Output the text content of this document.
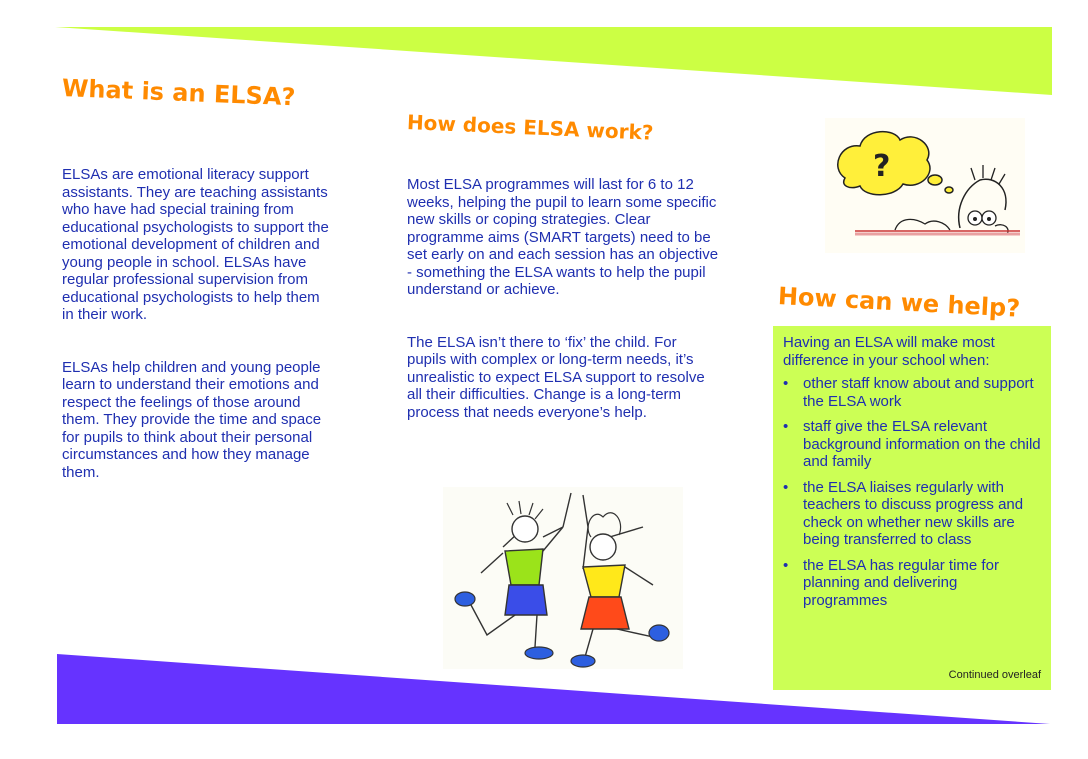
What is an ELSA?

ELSAs are emotional literacy support assistants. They are teaching assistants who have had special training from educational psychologists to support the emotional development of children and young people in school. ELSAs have regular professional supervision from educational psychologists to help them in their work.

ELSAs help children and young people learn to understand their emotions and respect the feelings of those around them. They provide the time and space for pupils to think about their personal circumstances and how they manage them.

How does ELSA work?

Most ELSA programmes will last for 6 to 12 weeks, helping the pupil to learn some specific new skills or coping strategies. Clear programme aims (SMART targets) need to be set early on and each session has an objective - something the ELSA wants to help the pupil understand or achieve.

The ELSA isn’t there to ‘fix’ the child. For pupils with complex or long-term needs, it’s unrealistic to expect ELSA support to resolve all their difficulties. Change is a long-term process that needs everyone’s help.

?
How can we help?
Having an ELSA will make most difference in your school when:
• other staff know about and support the ELSA work
• staff give the ELSA relevant background information on the child and family
• the ELSA liaises regularly with teachers to discuss progress and check on whether new skills are being transferred to class
• the ELSA has regular time for planning and delivering programmes
Continued overleaf
